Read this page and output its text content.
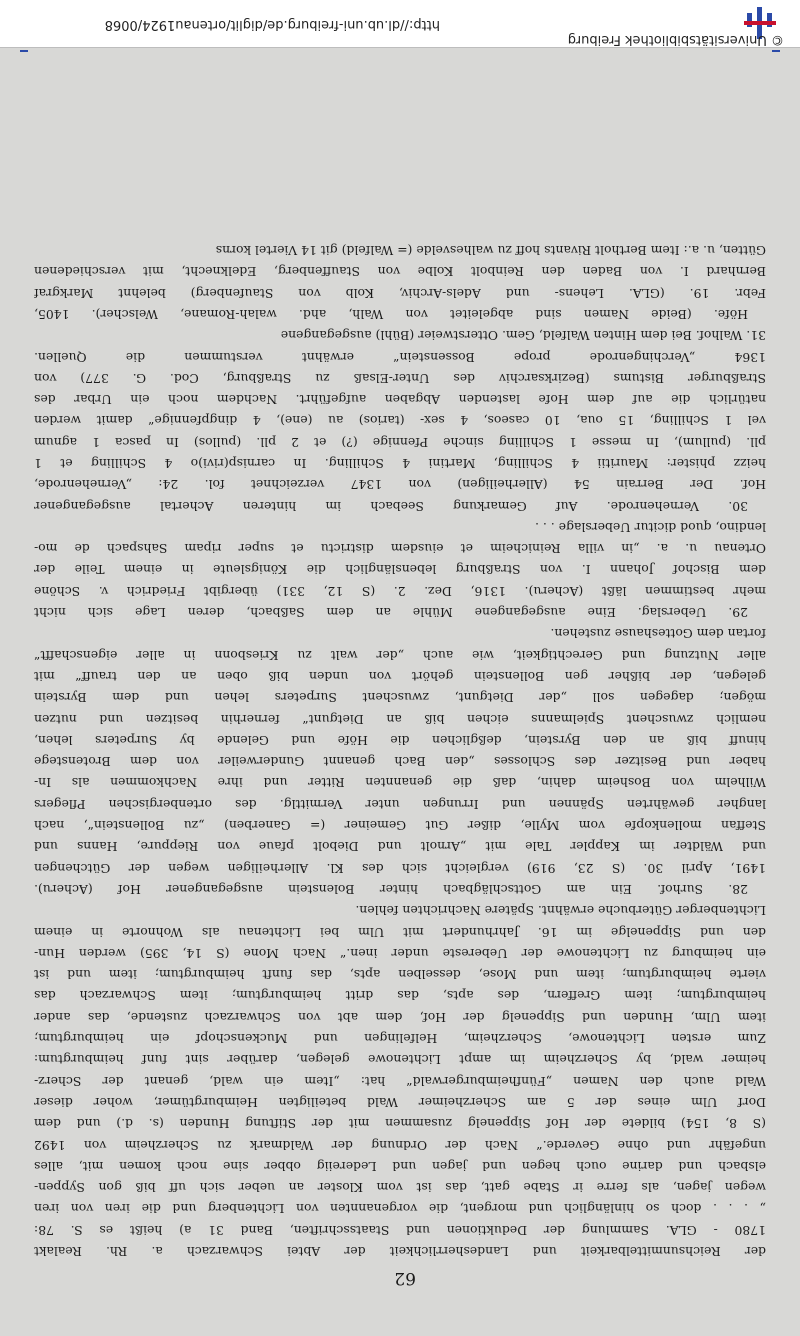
62
der Reichsunmittelbarkeit und Landesherrlichkeit der Abtei Schwarzach a. Rh. Realakt
1780 - GLA. Sammlung der Deduktionen und Staatsschriften, Band 31 a) heißt es S. 78:
„ . . . doch so hinlänglich und morgent, die vorgenannten von Lichtenberg und die iren von iren
wegen jagen, als ferre ir Stabe gatt, das ist vom Kloster an ueber sich uff biß gon Syppen-
elsbach und darine ouch hegen und jagen und Ledereiig obber sine noch komen mit, alles
ungefähr und ohne Geverde.“ Nach der Ordnung der Waldmark zu Scherzheim von 1492
(S 8, 154) bildete der Hof Sippenelg zusammen mit der Stiftung Hunden (s. d.) und dem
Dorf Ulm eines der 5 am Scherzheimer Wald beteiligten Heimburgtümer, woher dieser
Wald auch den Namen „Fünfheimburgerwald“ hat: „Item ein wald, genant der Scherz-
heimer wald, by Scherzheim im ampt Lichtenowe gelegen, darüber sint funf heimburgtum:
Zum ersten Lichtenowe, Scherzheim, Helfelingen und Muckenschopf ein heimburgtum;
item Ulm, Hunden und Sippenelg der Hof, dem abt von Schwarzach zustende, das ander
heimburgtum; item Greffern, des apts, das dritt heimburgtum; item Schwarzach das
vierte heimburgtum; item und Mose, desselben apts, das funft heimburgtum; item und ist
ein heimburg zu Lichtenowe der Uebereste under inen.“ Nach Mone (S 14, 395) werden Hun-
den und Sippenelge im 16. Jahrhundert mit Ulm bei Lichtenau als Wohnorte in einem
Lichtenberger Güterbuche erwähnt. Spätere Nachrichten fehlen.
28. Surhof. Ein am Gottschlägbach hinter Bolenstein ausgegangener Hof (Acheru).
1491, April 30. (S 23, 919) vergleicht sich des Kl. Allerheiligen wegen der Gütchengen
und Wäldter im Kappler Tale mit „Arnolt und Diebolt pfaue von Rieppure, Hanns und
Steffan mollenkopfe vom Mylle, dißer Gut Gemeiner (= Ganerben) „zu Bollenstein“, nach
langher gewährten Spännen und Irrungen unter Vermittlg. des ortenbergischen Pflegers
Wilhelm von Bosheim dahin, daß die genannten Ritter und ihre Nachkommen als In-
haber und Besitzer des Schlosses „den Bach genannt Gunderweiler von dem Brotenstege
hinuff biß an den Byrstein, deßglichen die Höfe und Gelende by Surpeters lehen,
nemlich zwuschent Spielmanns eichen biß an Dietgunt“ fernerhin besitzen und nutzen
mögen; dagegen soll „der Dietgunt, zwuschent Surpeters lehen und dem Byrstein
gelegen, der bißher gen Bollenstein gehört von unden biß oben an den trauff“ mit
aller Nutzung und Gerechtigkeit, wie auch „der walt zu Kriesbonn in aller eigenschafft“
fortan dem Gotteshause zustehen.
29. Ueberslag. Eine ausgegangene Mühle an dem Saßbach, deren Lage sich nicht
mehr bestimmen läßt (Acheru). 1316, Dez. 2. (S 12, 331) übergibt Friedrich v. Schöne
dem Bischof Johann I. von Straßburg lebenslänglich die Königsleute in einem Teile der
Ortenau u. a. „in villa Reinicheim et eiusdem districtu et super ripam Sahspach de mo-
lendino, quod dicitur Ueberslage . . .
30. Vernehenrode. Auf Gemarkung Seebach im hinteren Achertal ausgegangener
Hof. Der Berrain 54 (Allerheiligen) von 1347 verzeichnet fol. 24: „Vernehenrode,
heizz phister: Mauritii 4 Schilling, Martini 4 Schilling. In carnisp(rivi)o 4 Schilling et 1
pll. (pullum), In messe 1 Schilling sinche Pfennige (?) et 2 pll. (pullos) In pasca 1 agnum
vel 1 Schilling, 15 oua, 10 caseos, 4 sex- (tarios) au (ene), 4 dingpfennige“ damit werden
natürlich die auf dem Hofe lastenden Abgaben aufgeführt. Nachdem noch ein Urbar des
Straßburger Bistums (Bezirksarchiv des Unter-Elsaß zu Straßburg, Cod. G. 377) von
1364 „Verchingenrode prope Bossenstein“ erwähnt verstummen die Quellen.
31. Walhof. Bei dem Hinten Walfeld, Gem. Otterstweier (Bühl) ausgegangene
Höfe. (Beide Namen sind abgeleitet von Walh, ahd. walah-Romane, Welscher). 1405,
Febr. 19. (GLA. Lehens- und Adels-Archiv, Kolb von Staufenberg) belehnt Markgraf
Bernhard I. von Baden den Reinbolt Kolbe von Stauffenberg, Edelknecht, mit verschiedenen
Gütten, u. a.: Item Bertholt Rivants hoff zu walhesvelde (= Walfeld) git 14 Viertel korns
http://dl.ub.uni-freiburg.de/diglit/ortenau1924/0068
© Universitätsbibliothek Freiburg
